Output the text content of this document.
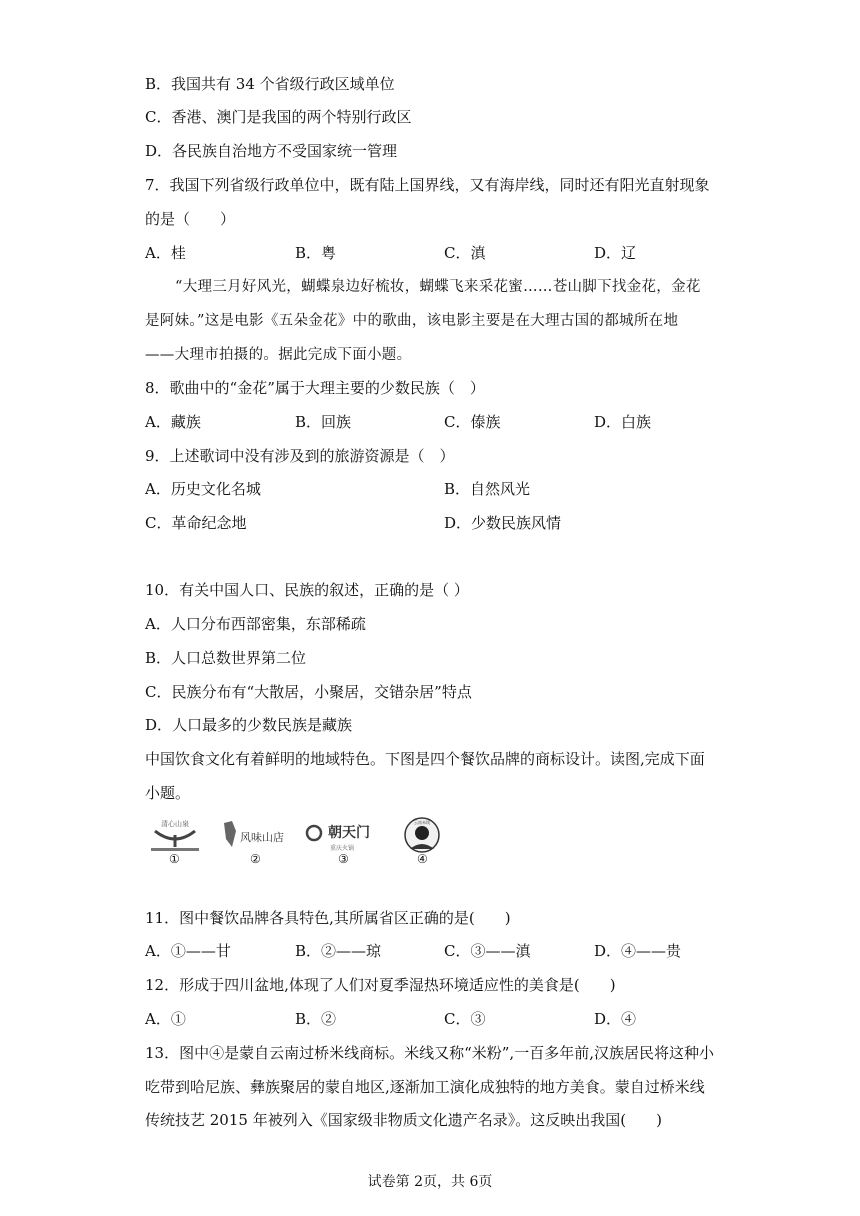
B．我国共有 34 个省级行政区域单位
C．香港、澳门是我国的两个特别行政区
D．各民族自治地方不受国家统一管理
7．我国下列省级行政单位中，既有陆上国界线，又有海岸线，同时还有阳光直射现象
的是（　　）
A．桂	B．粤	C．滇	D．辽
“大理三月好风光，蝴蝶泉边好梳妆，蝴蝶飞来采花蜜……苍山脚下找金花，金花
是阿妹。”这是电影《五朵金花》中的歌曲，该电影主要是在大理古国的都城所在地
——大理市拍摄的。据此完成下面小题。
8．歌曲中的“金花”属于大理主要的少数民族（　）
A．藏族	B．回族	C．傣族	D．白族
9．上述歌词中没有涉及到的旅游资源是（　）
A．历史文化名城	B．自然风光
C．革命纪念地	D．少数民族风情
10．有关中国人口、民族的叙述，正确的是（ ）
A．人口分布西部密集，东部稀疏
B．人口总数世界第二位
C．民族分布有“大散居，小聚居，交错杂居”特点
D．人口最多的少数民族是藏族
中国饮食文化有着鲜明的地域特色。下图是四个餐饮品牌的商标设计。读图,完成下面
小题。
清心山泉
①
风味山店
②
朝天门
重庆火锅
③
云南米线
④
11．图中餐饮品牌各具特色,其所属省区正确的是(　　)
A．①——甘	B．②——琼	C．③——滇	D．④——贵
12．形成于四川盆地,体现了人们对夏季湿热环境适应性的美食是(　　)
A．①	B．②	C．③	D．④
13．图中④是蒙自云南过桥米线商标。米线又称“米粉”,一百多年前,汉族居民将这种小
吃带到哈尼族、彝族聚居的蒙自地区,逐渐加工演化成独特的地方美食。蒙自过桥米线
传统技艺 2015 年被列入《国家级非物质文化遗产名录》。这反映出我国(　　)
试卷第 2页，共 6页
